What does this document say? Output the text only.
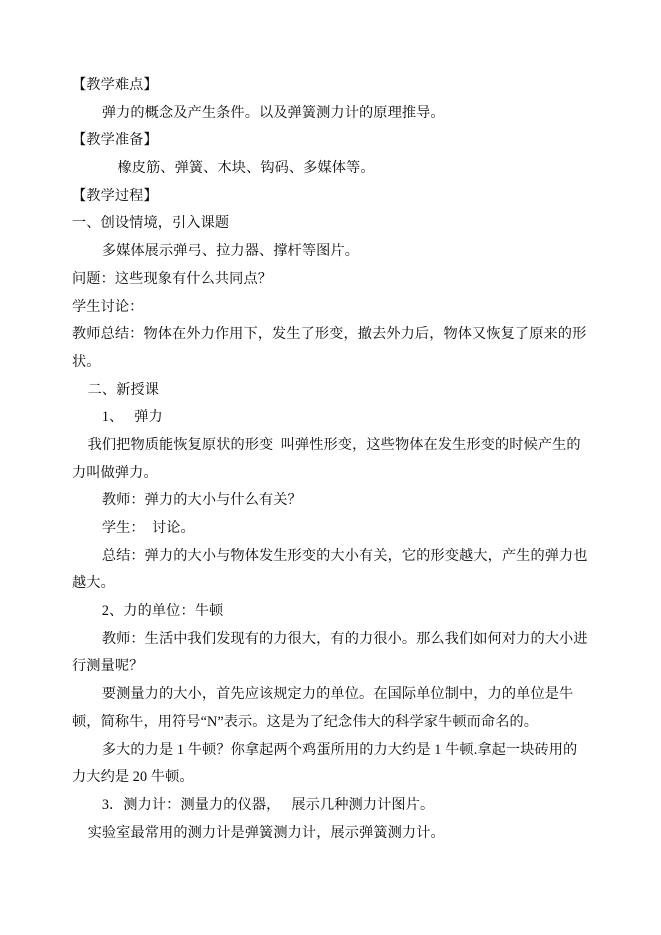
【教学难点】

弹力的概念及产生条件。以及弹簧测力计的原理推导。

【教学准备】

橡皮筋、弹簧、木块、钩码、多媒体等。

【教学过程】

一、创设情境，引入课题

多媒体展示弹弓、拉力器、撑杆等图片。

问题：这些现象有什么共同点？

学生讨论：

教师总结：物体在外力作用下，发生了形变，撤去外力后，物体又恢复了原来的形状。

二、新授课

1、   弹力

我们把物质能恢复原状的形变  叫弹性形变，这些物体在发生形变的时候产生的力叫做弹力。

教师：弹力的大小与什么有关？

学生：  讨论。

总结：弹力的大小与物体发生形变的大小有关，它的形变越大，产生的弹力也越大。

2、力的单位：牛顿

教师：生活中我们发现有的力很大，有的力很小。那么我们如何对力的大小进行测量呢？

要测量力的大小，首先应该规定力的单位。在国际单位制中，力的单位是牛顿，简称牛，用符号“N”表示。这是为了纪念伟大的科学家牛顿而命名的。

多大的力是 1 牛顿？你拿起两个鸡蛋所用的力大约是 1 牛顿.拿起一块砖用的力大约是 20 牛顿。

3．测力计：测量力的仪器，   展示几种测力计图片。

实验室最常用的测力计是弹簧测力计，展示弹簧测力计。
